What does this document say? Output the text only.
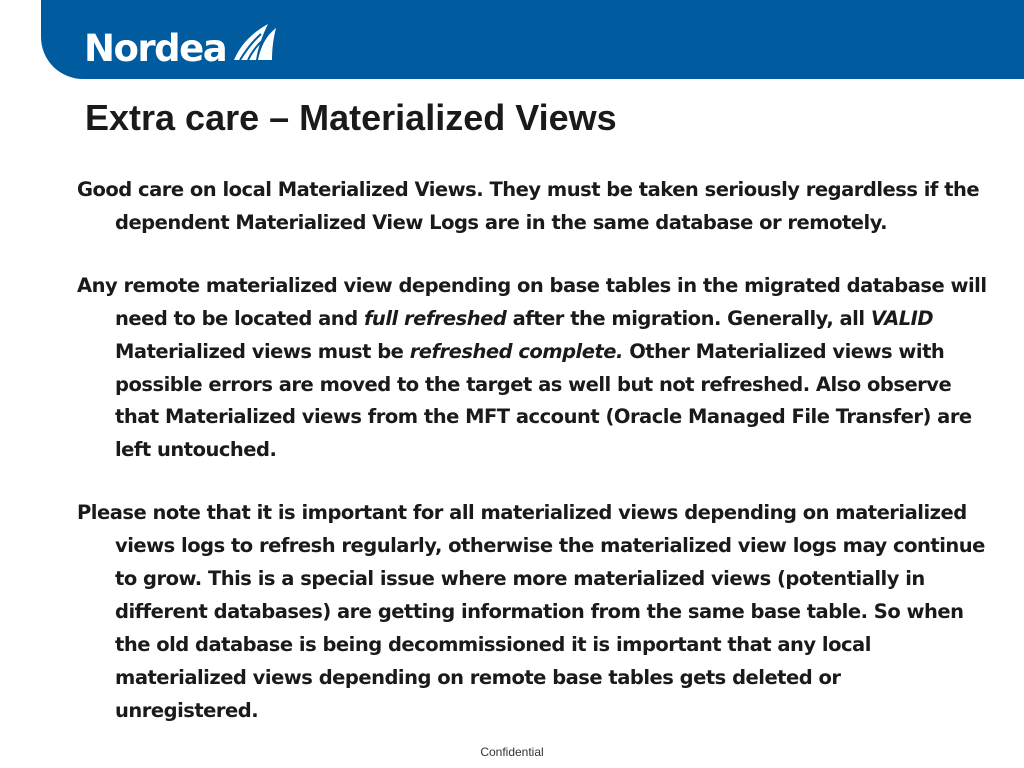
Nordea
Extra care – Materialized Views

Good care on local Materialized Views. They must be taken seriously regardless if the dependent Materialized View Logs are in the same database or remotely.

Any remote materialized view depending on base tables in the migrated database will need to be located and full refreshed after the migration. Generally, all VALID Materialized views must be refreshed complete. Other Materialized views with possible errors are moved to the target as well but not refreshed. Also observe that Materialized views from the MFT account (Oracle Managed File Transfer) are left untouched.

Please note that it is important for all materialized views depending on materialized views logs to refresh regularly, otherwise the materialized view logs may continue to grow. This is a special issue where more materialized views (potentially in different databases) are getting information from the same base table. So when the old database is being decommissioned it is important that any local materialized views depending on remote base tables gets deleted or unregistered.

Confidential
